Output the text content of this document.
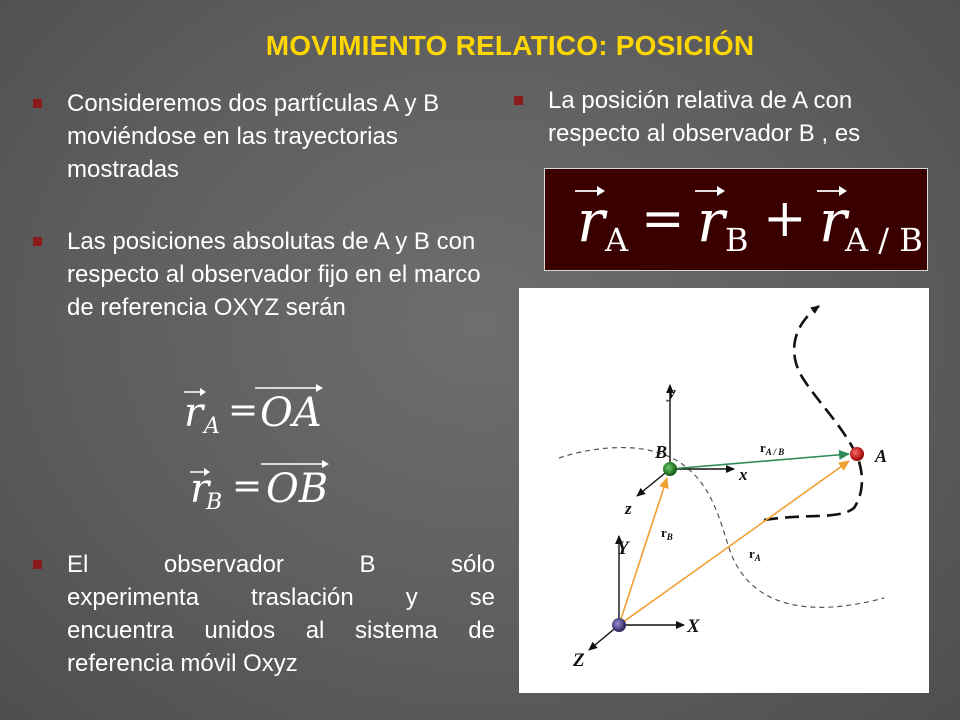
MOVIMIENTO RELATICO: POSICIÓN
Consideremos dos partículas A y B moviéndose en las trayectorias mostradas
Las posiciones absolutas de A y B con respecto al observador fijo en el marco de referencia OXYZ serán
r A = OA
r
B = OB
El observador B sólo
experimenta traslación y se
encuentra unidos al sistema de
referencia móvil Oxyz
La posición relativa de A con respecto al observador B , es
r A = r B + r
A / B
y
x
z
B	A
$r_{A / B}$
$r_B$
$r_A$
Y
X
Z
